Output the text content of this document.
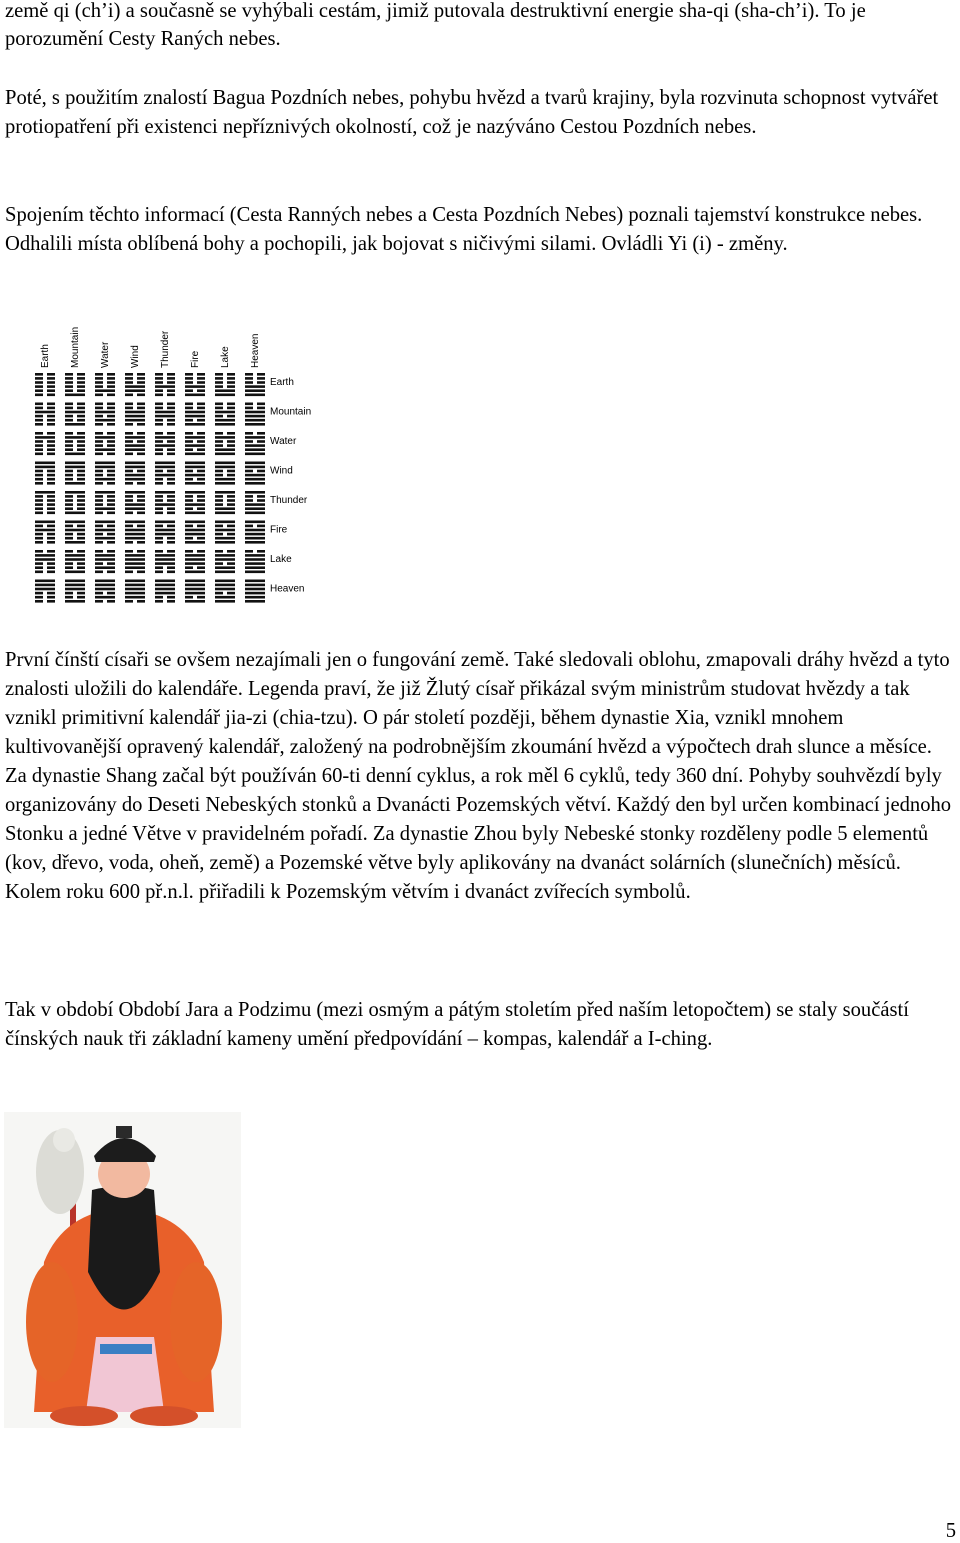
země qi (ch’i) a současně se vyhýbali cestám, jimiž putovala destruktivní energie sha-qi (sha-ch’i). To je porozumění Cesty Raných nebes.

Poté, s použitím znalostí Bagua Pozdních nebes, pohybu hvězd a tvarů krajiny, byla rozvinuta schopnost vytvářet protiopatření při existenci nepříznivých okolností, což je nazýváno Cestou Pozdních nebes.

Spojením těchto informací (Cesta Ranných nebes a Cesta Pozdních Nebes) poznali tajemství konstrukce nebes. Odhalili místa oblíbená bohy a pochopili, jak bojovat s ničivými silami. Ovládli Yi (i) - změny.

Earth Mountain Water Wind Thunder Fire Lake Heaven
Earth
Mountain
Water
Wind
Thunder
Fire
Lake
Heaven

První čínští císaři se ovšem nezajímali jen o fungování země. Také sledovali oblohu, zmapovali dráhy hvězd a tyto znalosti uložili do kalendáře. Legenda praví, že již Žlutý císař přikázal svým ministrům studovat hvězdy a tak vznikl primitivní kalendář jia-zi (chia-tzu). O pár století později, během dynastie Xia, vznikl mnohem kultivovanější opravený kalendář, založený na podrobnějším zkoumání hvězd a výpočtech drah slunce a měsíce. Za dynastie Shang začal být používán 60-ti denní cyklus, a rok měl 6 cyklů, tedy 360 dní. Pohyby souhvězdí byly organizovány do Deseti Nebeských stonků a Dvanácti Pozemských větví. Každý den byl určen kombinací jednoho Stonku a jedné Větve v pravidelném pořadí. Za dynastie Zhou byly Nebeské stonky rozděleny podle 5 elementů (kov, dřevo, voda, oheň, země) a Pozemské větve byly aplikovány na dvanáct solárních (slunečních) měsíců. Kolem roku 600 př.n.l. přiřadili k Pozemským větvím i dvanáct zvířecích symbolů.

Tak v období Období Jara a Podzimu (mezi osmým a pátým stoletím před naším letopočtem) se staly součástí čínských nauk tři základní kameny umění předpovídání – kompas, kalendář a I-ching.

5
